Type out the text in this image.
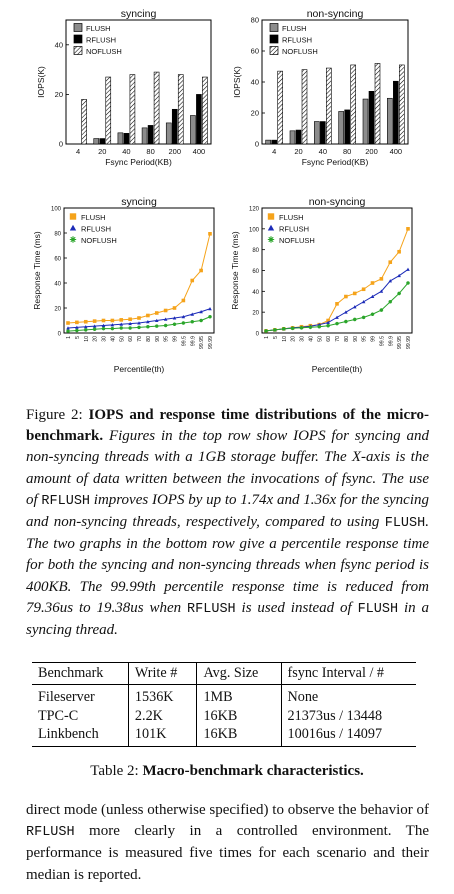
syncing
0
20
40
IOPS(K)
4 20 40 80 200 400
Fsync Period(KB)
FLUSH
RFLUSH
NOFLUSH
non-syncing
0
20
40
60
80
IOPS(K)
4 20 40 80 200 400
Fsync Period(KB)
FLUSH
RFLUSH
NOFLUSH
syncing
0
20
40
60
80
100
Response Time (ms)
1 5 10 20 30 40 50 60 70 80 90 95 99 99.5 99.9 99.95 99.99
Percentile(th)
FLUSH
RFLUSH
NOFLUSH
non-syncing
0
20
40
60
80
100
120
Response Time (ms)
1 5 10 20 30 40 50 60 70 80 90 95 99 99.5 99.9 99.95 99.99
Percentile(th)
FLUSH
RFLUSH
NOFLUSH
Figure 2: IOPS and response time distributions of the micro-benchmark. Figures in the top row show IOPS for syncing and non-syncing threads with a 1GB storage buffer. The X-axis is the amount of data written between the invocations of fsync. The use of RFLUSH improves IOPS by up to 1.74x and 1.36x for the syncing and non-syncing threads, respectively, compared to using FLUSH. The two graphs in the bottom row give a percentile response time for both the syncing and non-syncing threads when fsync period is 400KB. The 99.99th percentile response time is reduced from 79.36us to 19.38us when RFLUSH is used instead of FLUSH in a syncing thread.
Benchmark	Write #	Avg. Size	fsync Interval / #
Fileserver	1536K	1MB	None
TPC-C	2.2K	16KB	21373us / 13448
Linkbench	101K	16KB	10016us / 14097
Table 2: Macro-benchmark characteristics.
direct mode (unless otherwise specified) to observe the behavior of RFLUSH more clearly in a controlled environment. The performance is measured five times for each scenario and their median is reported.
